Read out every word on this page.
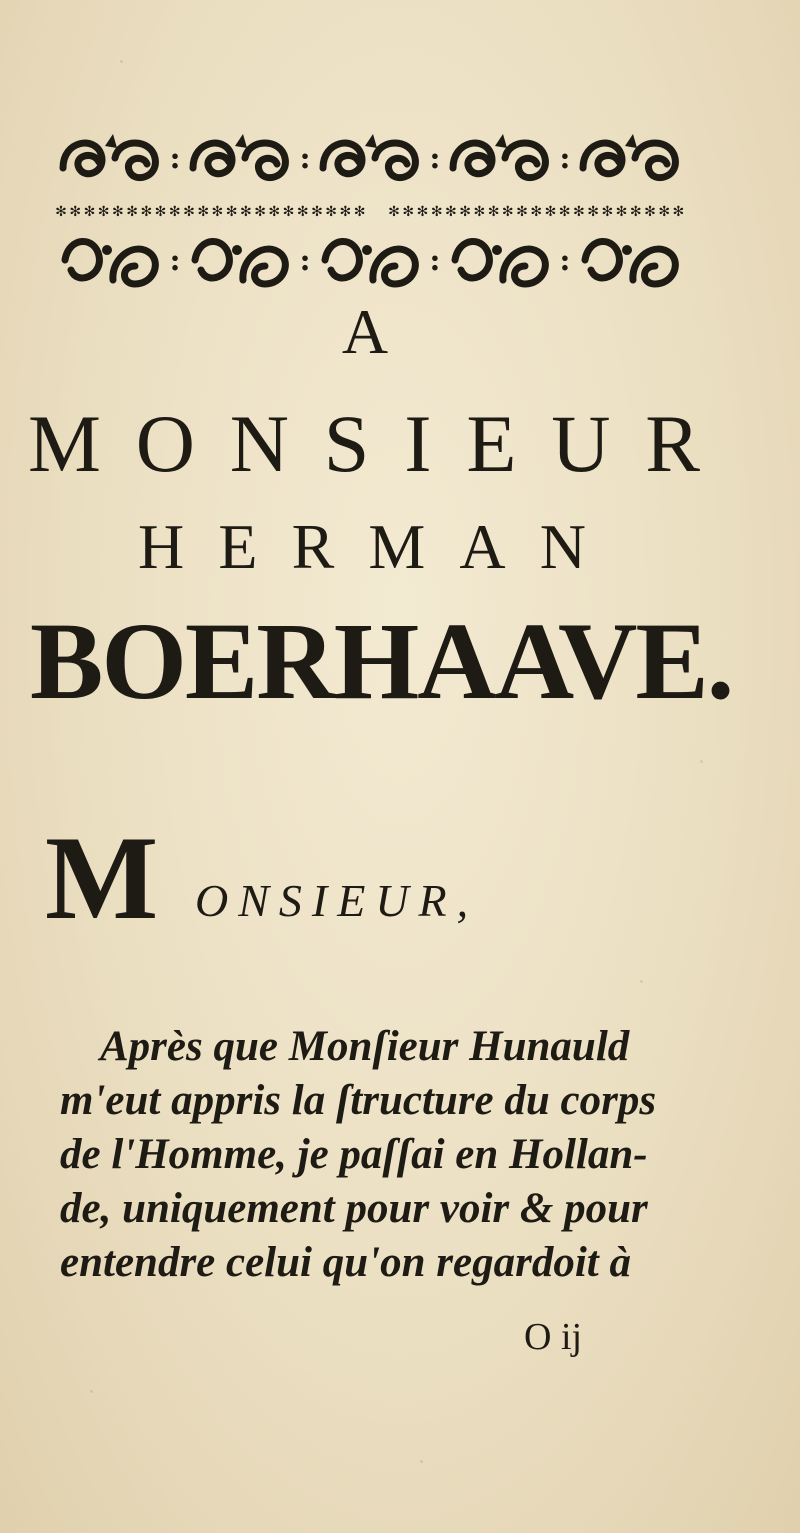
:	:	:	:
✻ ✻ ✻ ✻ ✻ ✻ ✻ ✻ ✻ ✻ ✻ ✻ ✻ ✻ ✻ ✻ ✻ ✻ ✻ ✻ ✻ ✻ ✻ ✻ ✻ ✻ ✻ ✻ ✻ ✻ ✻ ✻ ✻ ✻ ✻ ✻ ✻ ✻ ✻ ✻ ✻ ✻ ✻
:	:	:	:
A
M O N S I E U R
H E R M A N
BOERHAAVE.
M ONSIEUR,
Après que Monſieur Hunauld
m'eut appris la ſtructure du corps
de l'Homme, je paſſai en Hollan-
de, uniquement pour voir & pour
entendre celui qu'on regardoit à
O ij
